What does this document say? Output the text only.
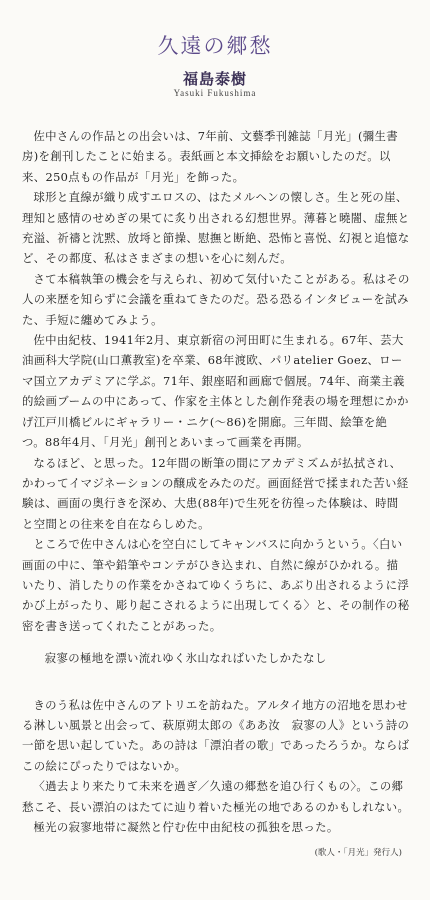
久遠の郷愁
福島泰樹
Yasuki Fukushima

佐中さんの作品との出会いは、7年前、文藝季刊雑誌「月光」(彌生書房)を創刊したことに始まる。表紙画と本文挿絵をお願いしたのだ。以来、250点もの作品が「月光」を飾った。

球形と直線が織り成すエロスの、はたメルヘンの懐しさ。生と死の崖、理知と感情のせめぎの果てに炙り出される幻想世界。薄暮と曉闇、虚無と充溢、祈禱と沈黙、放埓と節操、慰撫と断絶、恐怖と喜悦、幻視と追憶など、その都度、私はさまざまの想いを心に刻んだ。

さて本稿執筆の機会を与えられ、初めて気付いたことがある。私はその人の来歴を知らずに会議を重ねてきたのだ。恐る恐るインタビューを試みた、手短に纏めてみよう。

佐中由紀枝、1941年2月、東京新宿の河田町に生まれる。67年、芸大油画科大学院(山口薫教室)を卒業、68年渡欧、パリatelier Goez、ローマ国立アカデミアに学ぶ。71年、銀座昭和画廊で個展。74年、商業主義的絵画ブームの中にあって、作家を主体とした創作発表の場を理想にかかげ江戸川橋ビルにギャラリー・ニケ(～86)を開廊。三年間、絵筆を絶つ。88年4月、「月光」創刊とあいまって画業を再開。

なるほど、と思った。12年間の断筆の間にアカデミズムが払拭され、かわってイマジネーションの醸成をみたのだ。画面経営で揉まれた苦い経験は、画面の奥行きを深め、大患(88年)で生死を彷徨った体験は、時間と空間との往来を自在ならしめた。

ところで佐中さんは心を空白にしてキャンバスに向かうという。〈白い画面の中に、筆や鉛筆やコンテがひき込まれ、自然に線がひかれる。描いたり、消したりの作業をかさねてゆくうちに、あぶり出されるように浮かび上がったり、彫り起こされるように出現してくる〉と、その制作の秘密を書き送ってくれたことがあった。

寂寥の極地を漂い流れゆく氷山なればいたしかたなし

きのう私は佐中さんのアトリエを訪ねた。アルタイ地方の沼地を思わせる淋しい風景と出会って、萩原朔太郎の《ああ汝　寂寥の人》という詩の一節を思い起していた。あの詩は「漂泊者の歌」であったろうか。ならばこの絵にぴったりではないか。

〈過去より来たりて未来を過ぎ／久遠の郷愁を追ひ行くもの〉。この郷愁こそ、長い漂泊のはたてに辿り着いた極光の地であるのかもしれない。

極光の寂寥地帯に凝然と佇む佐中由紀枝の孤独を思った。

(歌人・「月光」発行人)
